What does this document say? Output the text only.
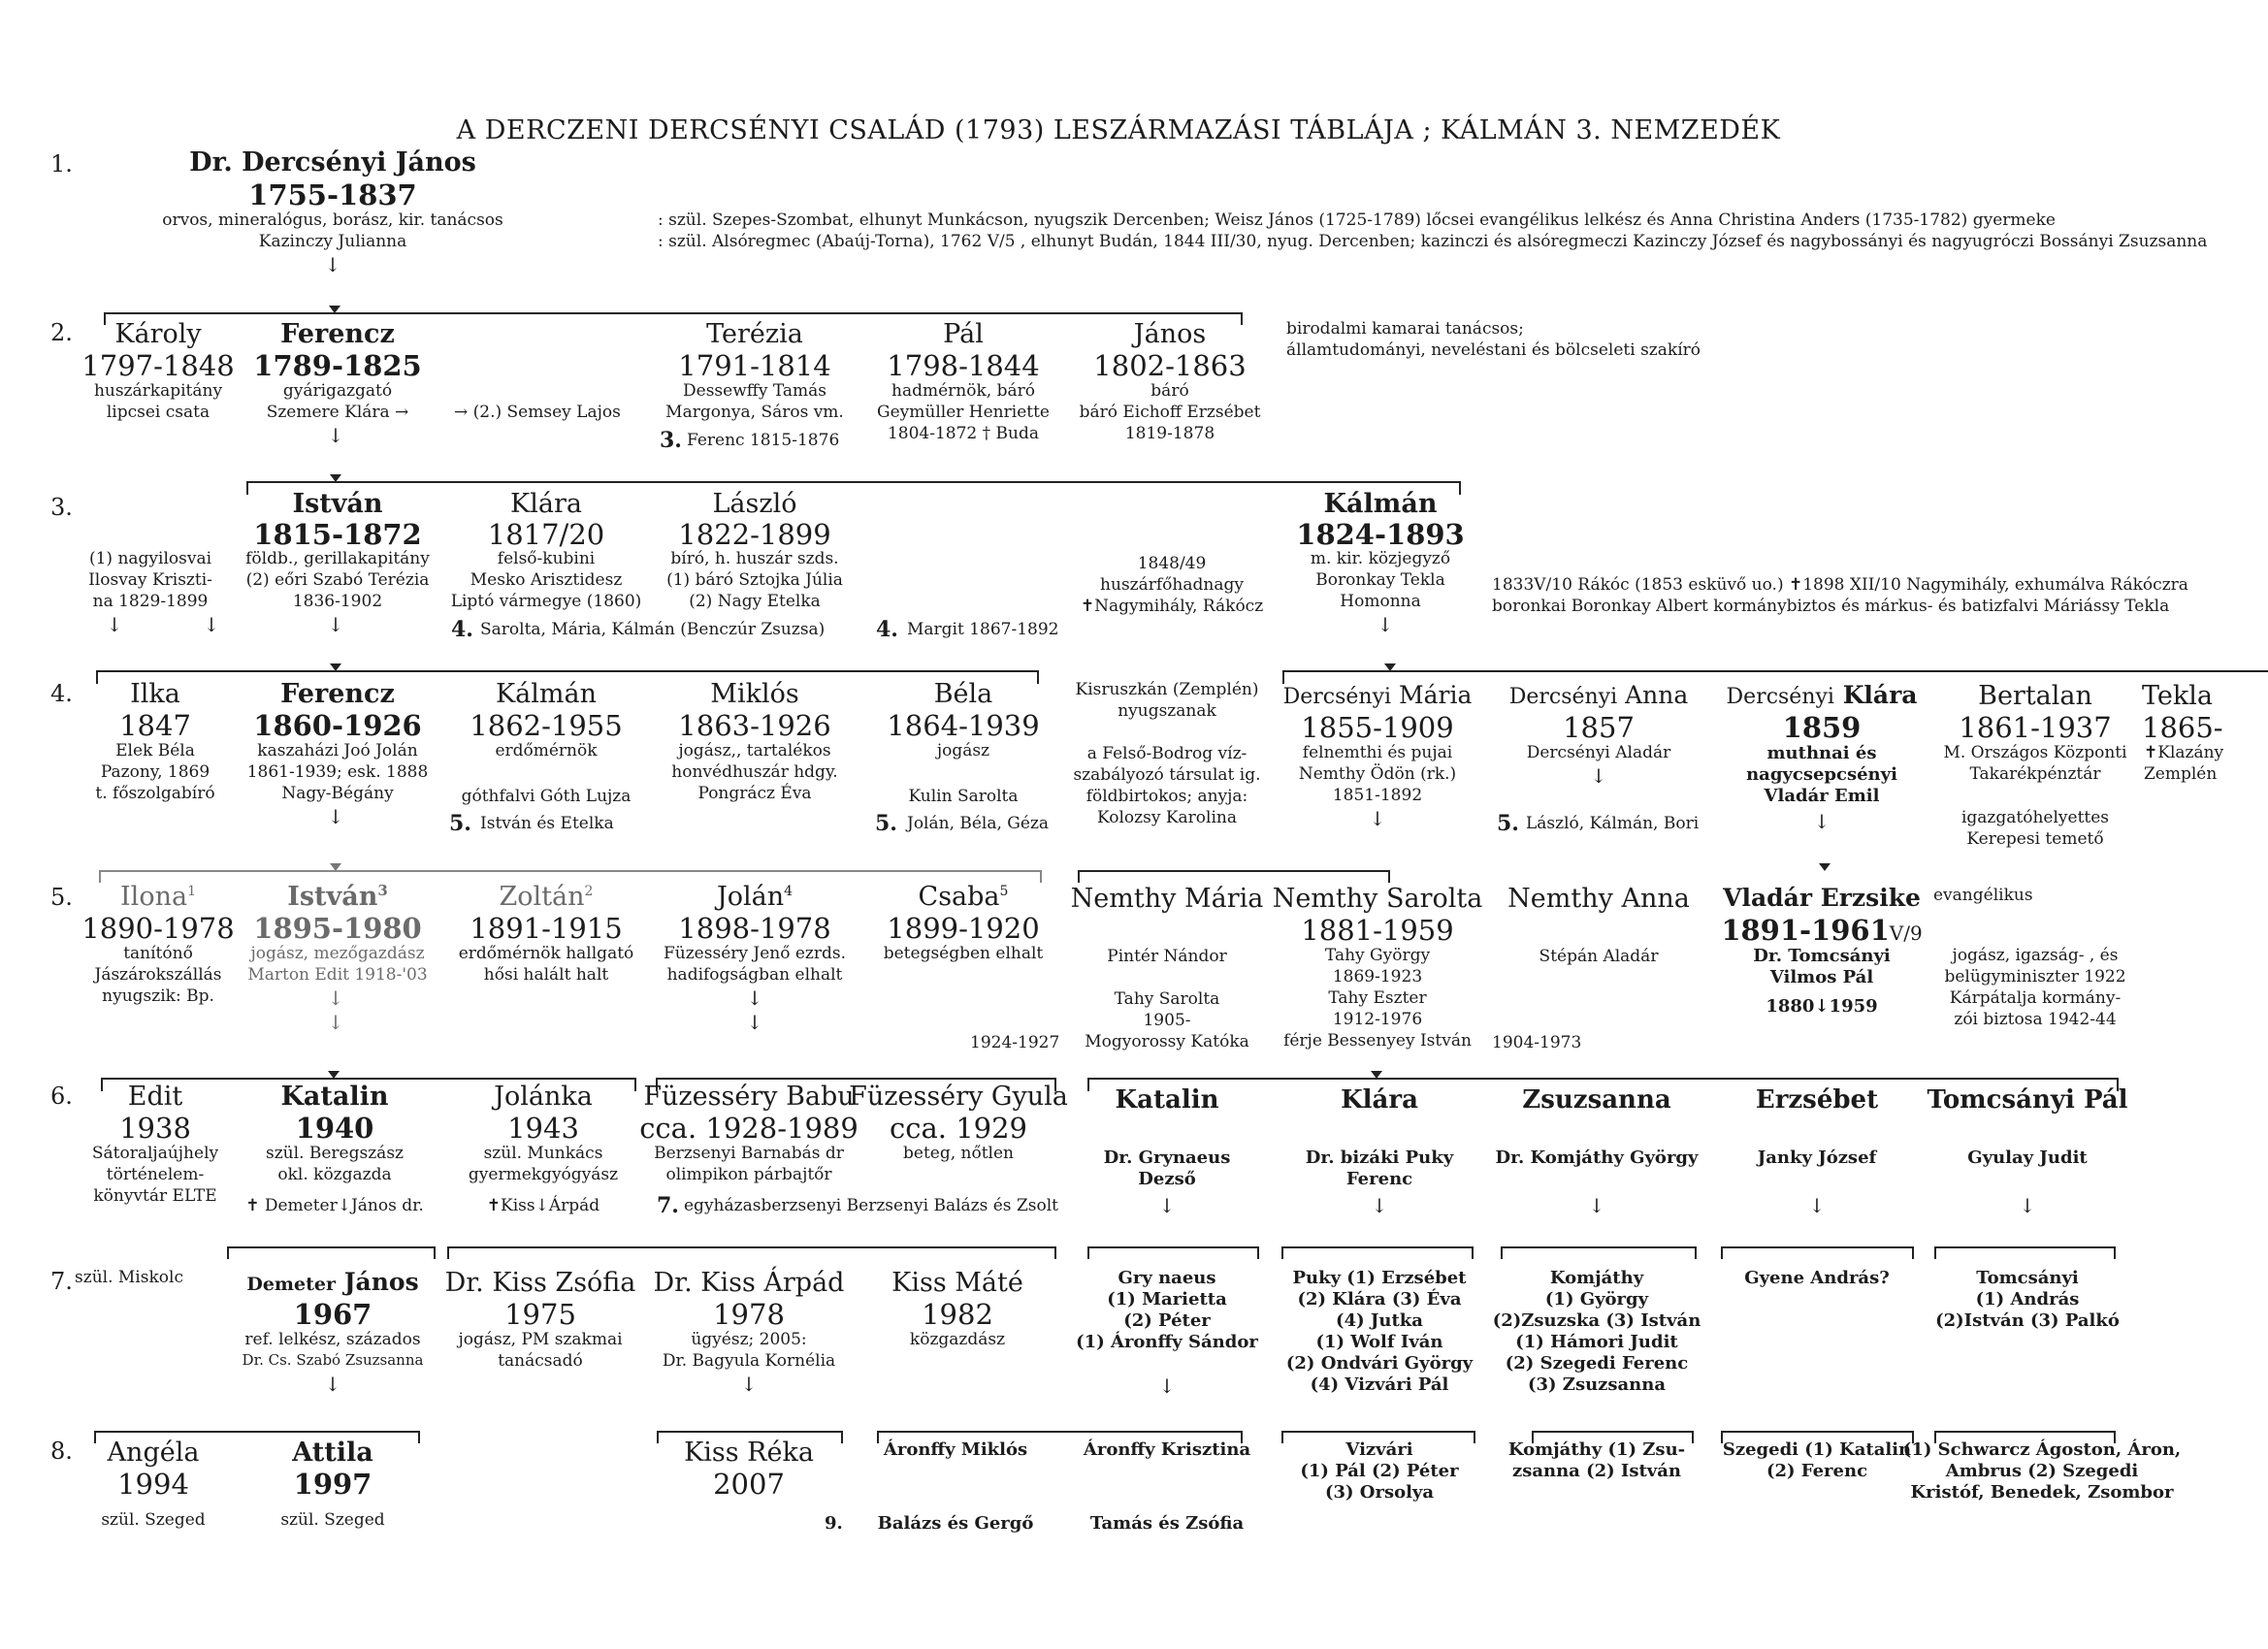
A DERCZENI DERCSÉNYI CSALÁD (1793) LESZÁRMAZÁSI TÁBLÁJA ; KÁLMÁN 3. NEMZEDÉK
1.
2.
3.
4.
5.
6.
7.
8.
Dr. Dercsényi János
1755-1837
orvos, mineralógus, borász, kir. tanácsos
Kazinczy Julianna
↓
: szül. Szepes-Szombat, elhunyt Munkácson, nyugszik Dercenben; Weisz János (1725-1789) lőcsei evangélikus lelkész és Anna Christina Anders (1735-1782) gyermeke
: szül. Alsóregmec (Abaúj-Torna), 1762 V/5 , elhunyt Budán, 1844 III/30, nyug. Dercenben; kazinczi és alsóregmeczi Kazinczy József és nagybossányi és nagyugróczi Bossányi Zsuzsanna
Károly
1797-1848
huszárkapitány
lipcsei csata
Ferencz
1789-1825
gyárigazgató
Szemere Klára →
↓
→ (2.) Semsey Lajos
Terézia
1791-1814
Dessewffy Tamás
Margonya, Sáros vm.
3. Ferenc 1815-1876
Pál
1798-1844
hadmérnök, báró
Geymüller Henriette
1804-1872 † Buda
János
1802-1863
báró
báró Eichoff Erzsébet
1819-1878
birodalmi kamarai tanácsos;
államtudományi, neveléstani és bölcseleti szakíró
(1) nagyilosvai
Ilosvay Kriszti-
na 1829-1899
↓	↓
István
1815-1872
földb., gerillakapitány
(2) eőri Szabó Terézia
1836-1902
↓
Klára
1817/20
felső-kubini
Mesko Arisztidesz
Liptó vármegye (1860)
4. Sarolta, Mária, Kálmán (Benczúr Zsuzsa)
László
1822-1899
bíró, h. huszár szds.
(1) báró Sztojka Júlia
(2) Nagy Etelka
4. Margit 1867-1892
1848/49
huszárfőhadnagy
✝Nagymihály, Rákócz
Kálmán
1824-1893
m. kir. közjegyző
Boronkay Tekla
Homonna
↓
1833V/10 Rákóc (1853 esküvő uo.) ✝1898 XII/10 Nagymihály, exhumálva Rákóczra
boronkai Boronkay Albert kormánybiztos és márkus- és batizfalvi Máriássy Tekla
Ilka
1847
Elek Béla
Pazony, 1869
t. főszolgabíró
Ferencz
1860-1926
kaszaházi Joó Jolán
1861-1939; esk. 1888
Nagy-Bégány
↓
Kálmán
1862-1955
erdőmérnök
góthfalvi Góth Lujza
5. István és Etelka
Miklós
1863-1926
jogász,, tartalékos
honvédhuszár hdgy.
Pongrácz Éva
Béla
1864-1939
jogász
Kulin Sarolta
5. Jolán, Béla, Géza
Kisruszkán (Zemplén)
nyugszanak
a Felső-Bodrog víz-
szabályozó társulat ig.
földbirtokos; anyja:
Kolozsy Karolina
Dercsényi Mária
1855-1909
felnemthi és pujai
Nemthy Ödön (rk.)
1851-1892
↓
Dercsényi Anna
1857
Dercsényi Aladár
↓
5. László, Kálmán, Bori
Dercsényi Klára
1859
muthnai és
nagycsepcsényi
Vladár Emil
↓
Bertalan
1861-1937
M. Országos Központi
Takarékpénztár
igazgatóhelyettes
Kerepesi temető
Tekla
1865-
✝Klazány
Zemplén
Ilona$^1$
1890-1978
tanítónő
Jászárokszállás
nyugszik: Bp.
István$^3$
1895-1980
jogász, mezőgazdász
Marton Edit 1918-'03
↓
↓
Zoltán$^2$
1891-1915
erdőmérnök hallgató
hősi halált halt
Jolán$^4$
1898-1978
Füzesséry Jenő ezrds.
hadifogságban elhalt
↓
↓
Csaba$^5$
1899-1920
betegségben elhalt
1924-1927
Nemthy Mária
Pintér Nándor
Tahy Sarolta
1905-
Mogyorossy Katóka
Nemthy Sarolta
1881-1959
Tahy György
1869-1923
Tahy Eszter
1912-1976
férje Bessenyey István
Nemthy Anna
Stépán Aladár
1904-1973
Vladár Erzsike
1891-1961V/9
Dr. Tomcsányi
Vilmos Pál
1880↓1959
evangélikus
jogász, igazság- , és
belügyminiszter 1922
Kárpátalja kormány-
zói biztosa 1942-44
Edit
1938
Sátoraljaújhely
történelem-
könyvtár ELTE
Katalin
1940
szül. Beregszász
okl. közgazda
✝ Demeter↓János dr.
Jolánka
1943
szül. Munkács
gyermekgyógyász
✝Kiss↓Árpád
Füzesséry Babu
cca. 1928-1989
Berzsenyi Barnabás dr
olimpikon párbajtőr
7. egyházasberzsenyi Berzsenyi Balázs és Zsolt
Füzesséry Gyula
cca. 1929
beteg, nőtlen
Katalin
Dr. Grynaeus
Dezső
↓
Klára
Dr. bizáki Puky
Ferenc
↓
Zsuzsanna
Dr. Komjáthy György
↓
Erzsébet
Janky József
↓
Tomcsányi Pál
Gyulay Judit
↓
szül. Miskolc	Demeter János
1967
ref. lelkész, százados
Dr. Cs. Szabó Zsuzsanna
↓
Dr. Kiss Zsófia
1975
jogász, PM szakmai
tanácsadó
Dr. Kiss Árpád
1978
ügyész; 2005:
Dr. Bagyula Kornélia
↓
Kiss Máté
1982
közgazdász
Gry naeus
(1) Marietta
(2) Péter
(1) Áronffy Sándor
↓
Puky (1) Erzsébet
(2) Klára (3) Éva
(4) Jutka
(1) Wolf Iván
(2) Ondvári György
(4) Vizvári Pál
Komjáthy
(1) György
(2)Zsuzska (3) István
(1) Hámori Judit
(2) Szegedi Ferenc
(3) Zsuzsanna
Gyene András?	Tomcsányi
(1) András
(2)István (3) Palkó
Angéla
1994
szül. Szeged
Attila
1997
szül. Szeged
Kiss Réka
2007
Áronffy Miklós	Áronffy Krisztina	Vizvári
(1) Pál (2) Péter
(3) Orsolya
Komjáthy (1) Zsu-
zsanna (2) István
Szegedi (1) Katalin
(2) Ferenc
(1) Schwarcz Ágoston, Áron,
Ambrus (2) Szegedi
Kristóf, Benedek, Zsombor
9. Balázs és Gergő	Tamás és Zsófia
